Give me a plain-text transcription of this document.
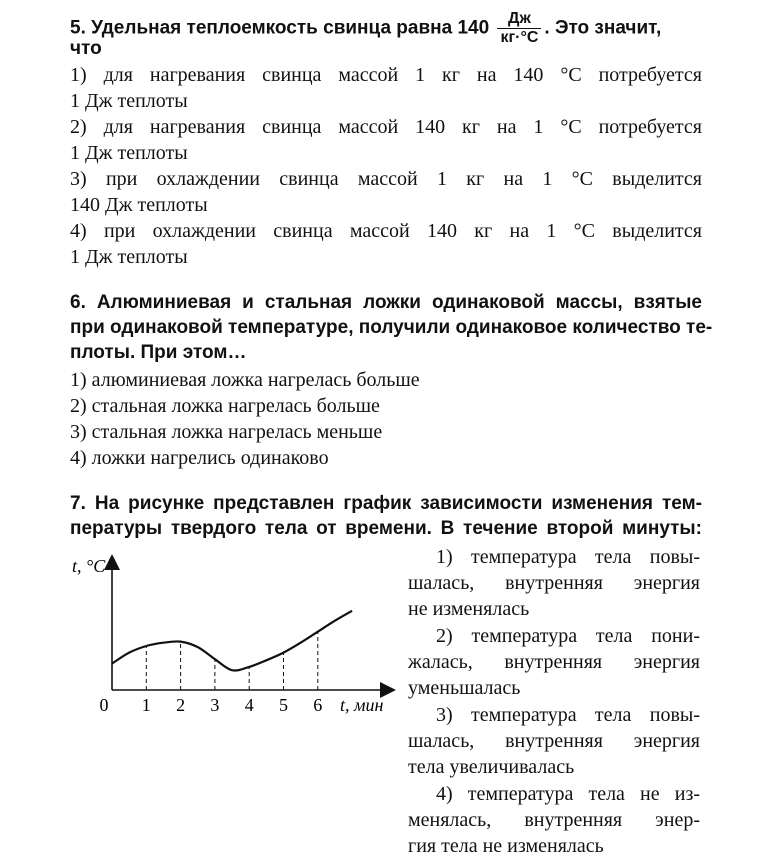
5. Удельная теплоемкость свинца равна $140 \frac{Дж}{кг\cdot^\circ С}$ . Это значит,
что
1) для нагревания свинца массой 1 кг на 140 °С потребуется
1 Дж теплоты
2) для нагревания свинца массой 140 кг на 1 °С потребуется
1 Дж теплоты
3) при охлаждении свинца массой 1 кг на 1 °С выделится
140 Дж теплоты
4) при охлаждении свинца массой 140 кг на 1 °С выделится
1 Дж теплоты
6. Алюминиевая и стальная ложки одинаковой массы, взятые
при одинаковой температуре, получили одинаковое количество те-
плоты. При этом…
1) алюминиевая ложка нагрелась больше
2) стальная ложка нагрелась больше
3) стальная ложка нагрелась меньше
4) ложки нагрелись одинаково
7. На рисунке представлен график зависимости изменения тем-
пературы твердого тела от времени. В течение второй минуты:
t, °C
t, мин
0 1 2 3 4 5 6
1) температура тела повы-
шалась, внутренняя энергия
не изменялась
2) температура тела пони-
жалась, внутренняя энергия
уменьшалась
3) температура тела повы-
шалась, внутренняя энергия
тела увеличивалась
4) температура тела не из-
менялась, внутренняя энер-
гия тела не изменялась
